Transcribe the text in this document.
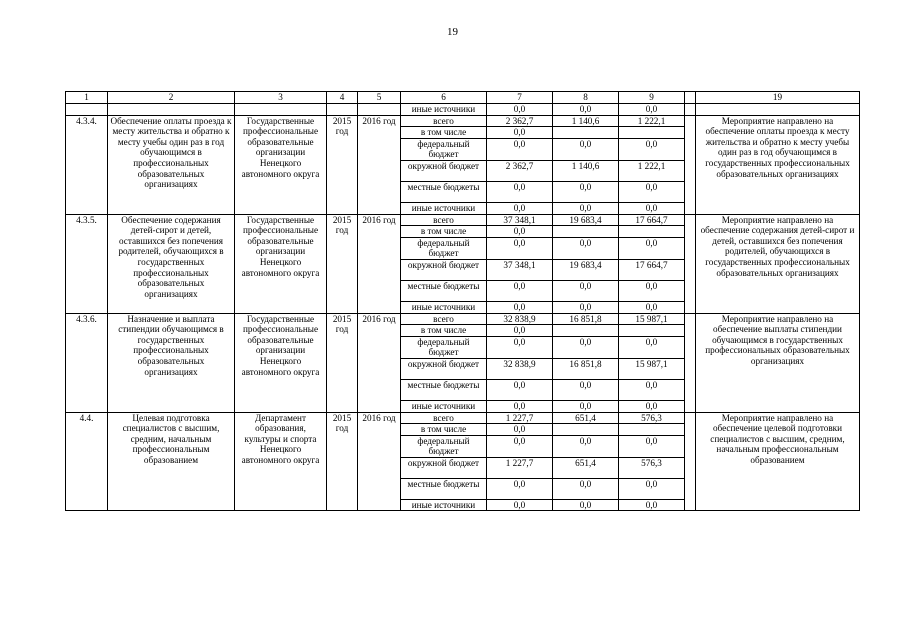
19
1	2	3	4	5	6	7	8	9		19
					иные источники	0,0	0,0	0,0		
4.3.4.	Обеспечение оплаты проезда к месту жительства и обратно к месту учебы один раз в год обучающимся в профессиональных образовательных организациях	Государственные профессиональные образовательные организации Ненецкого автономного округа	2015 год	2016 год	всего	2 362,7	1 140,6	1 222,1		Мероприятие направлено на обеспечение оплаты проезда к месту жительства и обратно к месту учебы один раз в год обучающимся в государственных профессиональных образовательных организациях
					в том числе	0,0				
					федеральный бюджет	0,0	0,0	0,0		
					окружной бюджет	2 362,7	1 140,6	1 222,1		
					местные бюджеты	0,0	0,0	0,0		
					иные источники	0,0	0,0	0,0		
4.3.5.	Обеспечение содержания детей-сирот и детей, оставшихся без попечения родителей, обучающихся в государственных профессиональных образовательных организациях	Государственные профессиональные образовательные организации Ненецкого автономного округа	2015 год	2016 год	всего	37 348,1	19 683,4	17 664,7		Мероприятие направлено на обеспечение содержания детей-сирот и детей, оставшихся без попечения родителей, обучающихся в государственных профессиональных образовательных организациях
					в том числе	0,0				
					федеральный бюджет	0,0	0,0	0,0		
					окружной бюджет	37 348,1	19 683,4	17 664,7		
					местные бюджеты	0,0	0,0	0,0		
					иные источники	0,0	0,0	0,0		
4.3.6.	Назначение и выплата стипендии обучающимся в государственных профессиональных образовательных организациях	Государственные профессиональные образовательные организации Ненецкого автономного округа	2015 год	2016 год	всего	32 838,9	16 851,8	15 987,1		Мероприятие направлено на обеспечение выплаты стипендии обучающимся в государственных профессиональных образовательных организациях
					в том числе	0,0				
					федеральный бюджет	0,0	0,0	0,0		
					окружной бюджет	32 838,9	16 851,8	15 987,1		
					местные бюджеты	0,0	0,0	0,0		
					иные источники	0,0	0,0	0,0		
4.4.	Целевая подготовка специалистов с высшим, средним, начальным профессиональным образованием	Департамент образования, культуры и спорта Ненецкого автономного округа	2015 год	2016 год	всего	1 227,7	651,4	576,3		Мероприятие направлено на обеспечение целевой подготовки специалистов с высшим, средним, начальным профессиональным образованием
					в том числе	0,0				
					федеральный бюджет	0,0	0,0	0,0		
					окружной бюджет	1 227,7	651,4	576,3		
					местные бюджеты	0,0	0,0	0,0		
					иные источники	0,0	0,0	0,0		
